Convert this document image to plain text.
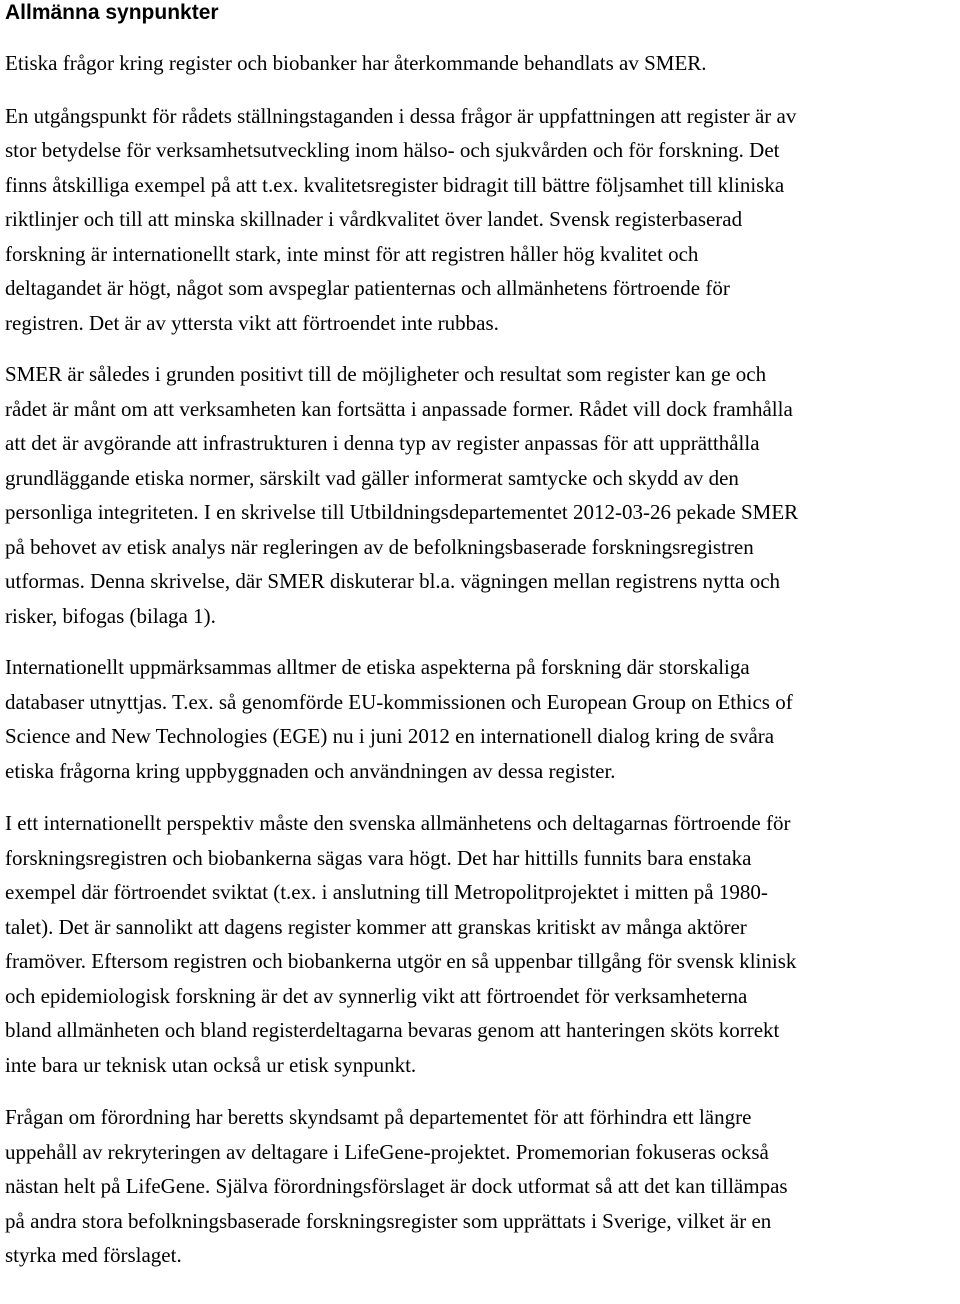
Allmänna synpunkter
Etiska frågor kring register och biobanker har återkommande behandlats av SMER.
En utgångspunkt för rådets ställningstaganden i dessa frågor är uppfattningen att register är av
stor betydelse för verksamhetsutveckling inom hälso- och sjukvården och för forskning. Det
finns åtskilliga exempel på att t.ex. kvalitetsregister bidragit till bättre följsamhet till kliniska
riktlinjer och till att minska skillnader i vårdkvalitet över landet. Svensk registerbaserad
forskning är internationellt stark, inte minst för att registren håller hög kvalitet och
deltagandet är högt, något som avspeglar patienternas och allmänhetens förtroende för
registren. Det är av yttersta vikt att förtroendet inte rubbas.
SMER är således i grunden positivt till de möjligheter och resultat som register kan ge och
rådet är månt om att verksamheten kan fortsätta i anpassade former. Rådet vill dock framhålla
att det är avgörande att infrastrukturen i denna typ av register anpassas för att upprätthålla
grundläggande etiska normer, särskilt vad gäller informerat samtycke och skydd av den
personliga integriteten. I en skrivelse till Utbildningsdepartementet 2012-03-26 pekade SMER
på behovet av etisk analys när regleringen av de befolkningsbaserade forskningsregistren
utformas. Denna skrivelse, där SMER diskuterar bl.a. vägningen mellan registrens nytta och
risker, bifogas (bilaga 1).
Internationellt uppmärksammas alltmer de etiska aspekterna på forskning där storskaliga
databaser utnyttjas. T.ex. så genomförde EU-kommissionen och European Group on Ethics of
Science and New Technologies (EGE) nu i juni 2012 en internationell dialog kring de svåra
etiska frågorna kring uppbyggnaden och användningen av dessa register.
I ett internationellt perspektiv måste den svenska allmänhetens och deltagarnas förtroende för
forskningsregistren och biobankerna sägas vara högt. Det har hittills funnits bara enstaka
exempel där förtroendet sviktat (t.ex. i anslutning till Metropolitprojektet i mitten på 1980-
talet). Det är sannolikt att dagens register kommer att granskas kritiskt av många aktörer
framöver. Eftersom registren och biobankerna utgör en så uppenbar tillgång för svensk klinisk
och epidemiologisk forskning är det av synnerlig vikt att förtroendet för verksamheterna
bland allmänheten och bland registerdeltagarna bevaras genom att hanteringen sköts korrekt
inte bara ur teknisk utan också ur etisk synpunkt.
Frågan om förordning har beretts skyndsamt på departementet för att förhindra ett längre
uppehåll av rekryteringen av deltagare i LifeGene-projektet. Promemorian fokuseras också
nästan helt på LifeGene. Själva förordningsförslaget är dock utformat så att det kan tillämpas
på andra stora befolkningsbaserade forskningsregister som upprättats i Sverige, vilket är en
styrka med förslaget.
